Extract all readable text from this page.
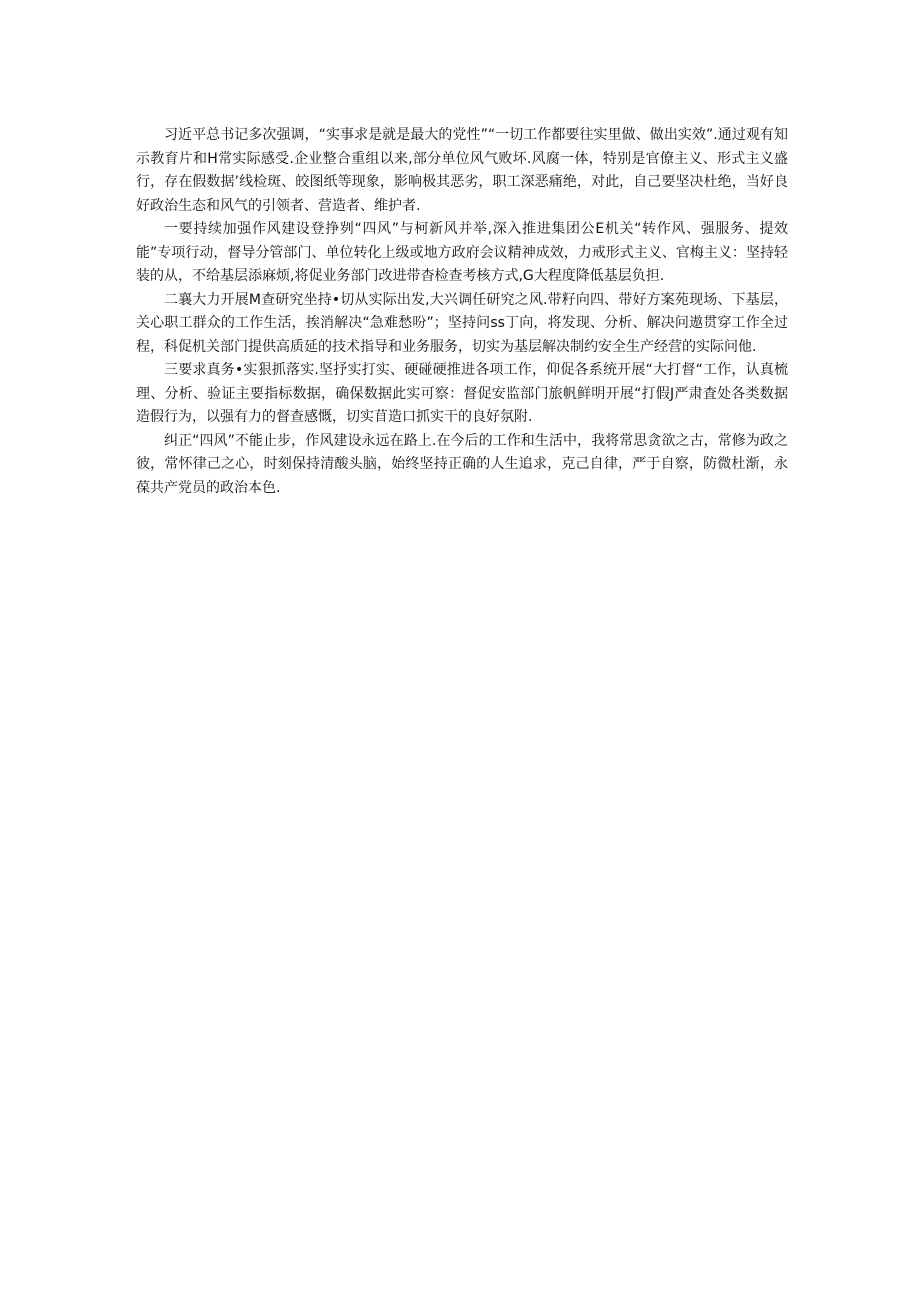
习近平总书记多次强调，“实事求是就是最大的党性”“一切工作都要往实里做、做出实效”.通过观有知示教育片和H常实际感受.企业整合重组以来,部分单位风气败坏.风腐一体，特别是官僚主义、形式主义盛行，存在假数据’线检斑、皎图纸等现象，影响极其恶劣，职工深恶痛绝，对此，自己要坚决杜绝，当好良好政治生态和风气的引领者、营造者、维护者.

一要持续加强作风建设登挣刿“四风”与柯新风并举,深入推进集团公E机关“转作风、强服务、提效能”专项行动，督导分管部门、单位转化上级或地方政府会议精神成效，力戒形式主义、官梅主义：坚持轻装的从，不给基层添麻烦,将促业务部门改进带杳检查考核方式,G大程度降低基层负担.

二襄大力开展M查研究坐持•切从实际出发,大兴调任研究之风.带籽向四、带好方案苑现场、下基层，关心职工群众的工作生活，挨消解决“急难愁吩”；坚持问ss丁向，将发现、分析、解决问遨贯穿工作全过程，科促机关部门提供高质延的技术指导和业务服务，切实为基层解决制约安全生产经营的实际问他.

三要求真务•实狠抓落实.坚抒实打实、硬碰硬推进各项工作，仰促各系统开展“大打督“工作，认真梳理、分析、验证主要指标数据，确保数据此实可察：督促安监部门旅帆鲜明开展“打假J严肃査处各类数据造假行为，以强有力的督查感慨，切实苜造口抓实干的良好氛附.

纠正“四风”不能止步，作风建设永远在路上.在今后的工作和生活中，我将常思贪欲之古，常修为政之彼，常怀律己之心，时刻保持清酸头脑，始终坚持正确的人生追求，克己自律，严于自察，防微杜渐，永葆共产党员的政治本色.
